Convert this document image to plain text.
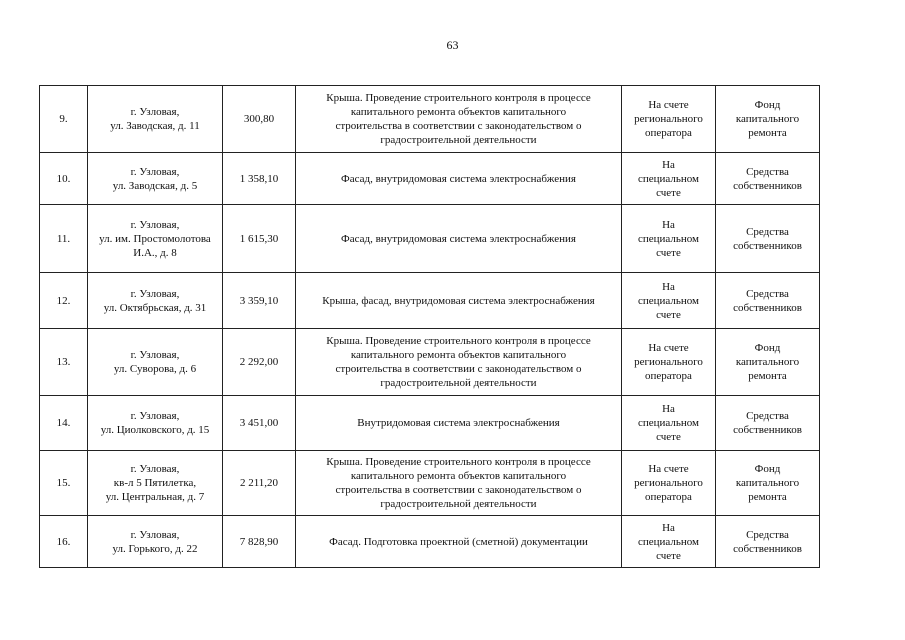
63
9.	г. Узловая,
ул. Заводская, д. 11	300,80	Крыша. Проведение строительного контроля в процессе
капитального ремонта объектов капитального
строительства в соответствии с законодательством о
градостроительной деятельности	На счете
регионального
оператора	Фонд
капитального
ремонта
10.	г. Узловая,
ул. Заводская, д. 5	1 358,10	Фасад, внутридомовая система электроснабжения	На
специальном
счете	Средства
собственников
11.	г. Узловая,
ул. им. Простомолотова
И.А., д. 8	1 615,30	Фасад, внутридомовая система электроснабжения	На
специальном
счете	Средства
собственников
12.	г. Узловая,
ул. Октябрьская, д. 31	3 359,10	Крыша, фасад, внутридомовая система электроснабжения	На
специальном
счете	Средства
собственников
13.	г. Узловая,
ул. Суворова, д. 6	2 292,00	Крыша. Проведение строительного контроля в процессе
капитального ремонта объектов капитального
строительства в соответствии с законодательством о
градостроительной деятельности	На счете
регионального
оператора	Фонд
капитального
ремонта
14.	г. Узловая,
ул. Циолковского, д. 15	3 451,00	Внутридомовая система электроснабжения	На
специальном
счете	Средства
собственников
15.	г. Узловая,
кв-л 5 Пятилетка,
ул. Центральная, д. 7	2 211,20	Крыша. Проведение строительного контроля в процессе
капитального ремонта объектов капитального
строительства в соответствии с законодательством о
градостроительной деятельности	На счете
регионального
оператора	Фонд
капитального
ремонта
16.	г. Узловая,
ул. Горького, д. 22	7 828,90	Фасад. Подготовка проектной (сметной) документации	На
специальном
счете	Средства
собственников
